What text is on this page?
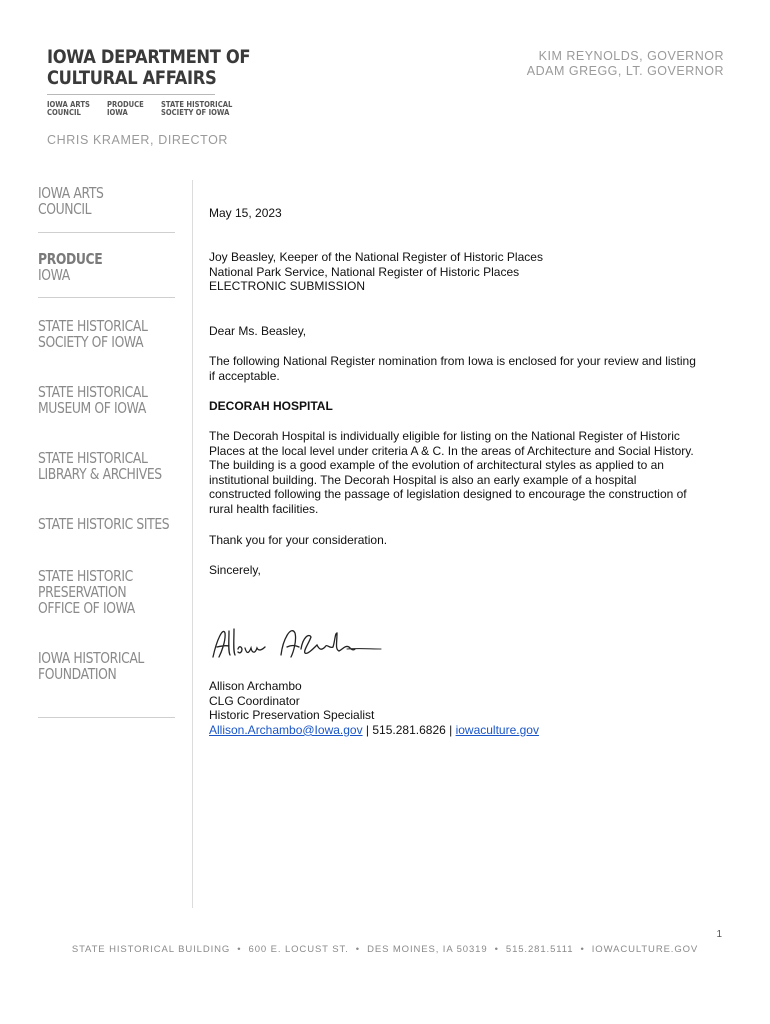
IOWA DEPARTMENT OF
CULTURAL AFFAIRS
IOWA ARTS
COUNCIL
PRODUCE
IOWA
STATE HISTORICAL
SOCIETY OF IOWA
CHRIS KRAMER, DIRECTOR
KIM REYNOLDS, GOVERNOR
ADAM GREGG, LT. GOVERNOR
IOWA ARTS
COUNCIL
PRODUCE
IOWA
STATE HISTORICAL
SOCIETY OF IOWA
STATE HISTORICAL
MUSEUM OF IOWA
STATE HISTORICAL
LIBRARY & ARCHIVES
STATE HISTORIC SITES
STATE HISTORIC
PRESERVATION
OFFICE OF IOWA
IOWA HISTORICAL
FOUNDATION

May 15, 2023

Joy Beasley, Keeper of the National Register of Historic Places
National Park Service, National Register of Historic Places
ELECTRONIC SUBMISSION

Dear Ms. Beasley,

The following National Register nomination from Iowa is enclosed for your review and listing
if acceptable.

DECORAH HOSPITAL

The Decorah Hospital is individually eligible for listing on the National Register of Historic
Places at the local level under criteria A & C. In the areas of Architecture and Social History.
The building is a good example of the evolution of architectural styles as applied to an
institutional building. The Decorah Hospital is also an early example of a hospital
constructed following the passage of legislation designed to encourage the construction of
rural health facilities.

Thank you for your consideration.

Sincerely,

Allison Archambo
CLG Coordinator
Historic Preservation Specialist
Allison.Archambo@Iowa.gov | 515.281.6826 | iowaculture.gov

1
STATE HISTORICAL BUILDING  •  600 E. LOCUST ST.  •  DES MOINES, IA 50319  •  515.281.5111  •  IOWACULTURE.GOV
